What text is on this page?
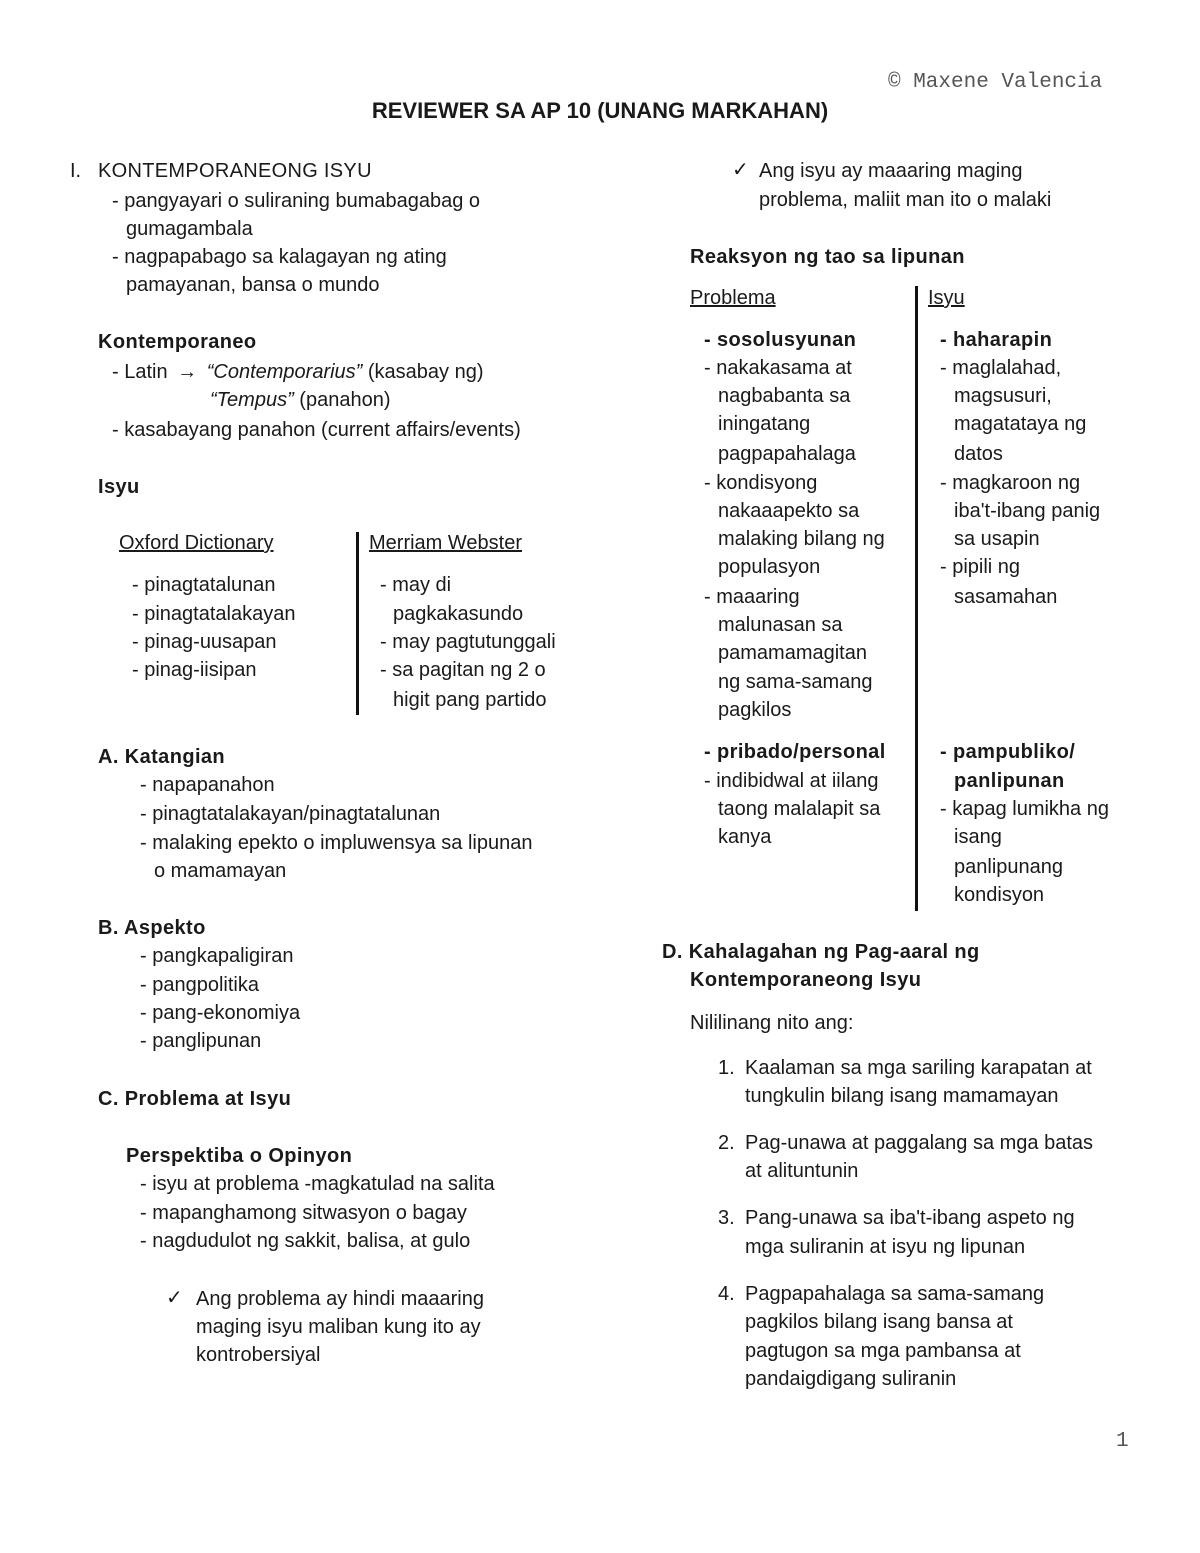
© Maxene Valencia
REVIEWER SA AP 10 (UNANG MARKAHAN)
I. KONTEMPORANEONG ISYU
- pangyayari o suliraning bumabagabag o
gumagambala
- nagpapabago sa kalagayan ng ating
pamayanan, bansa o mundo
Kontemporaneo
- Latin → “Contemporarius” (kasabay ng)
“Tempus” (panahon)
- kasabayang panahon (current affairs/events)
Isyu
Oxford Dictionary
- pinagtatalunan
- pinagtatalakayan
- pinag-uusapan
- pinag-iisipan
Merriam Webster
- may di
pagkakasundo
- may pagtutunggali
- sa pagitan ng 2 o
higit pang partido
A. Katangian
- napapanahon
- pinagtatalakayan/pinagtatalunan
- malaking epekto o impluwensya sa lipunan
o mamamayan
B. Aspekto
- pangkapaligiran
- pangpolitika
- pang-ekonomiya
- panglipunan
C. Problema at Isyu
Perspektiba o Opinyon
- isyu at problema -magkatulad na salita
- mapanghamong sitwasyon o bagay
- nagdudulot ng sakkit, balisa, at gulo
✓ Ang problema ay hindi maaaring
maging isyu maliban kung ito ay
kontrobersiyal
✓ Ang isyu ay maaaring maging
problema, maliit man ito o malaki
Reaksyon ng tao sa lipunan
Problema	Isyu
- sosolusyunan
- nakakasama at
nagbabanta sa
iningatang
pagpapahalaga
- kondisyong
nakaaapekto sa
malaking bilang ng
populasyon
- maaaring
malunasan sa
pamamamagitan
ng sama-samang
pagkilos
- pribado/personal
- indibidwal at iilang
taong malalapit sa
kanya
- haharapin
- maglalahad,
magsusuri,
magatataya ng
datos
- magkaroon ng
iba't-ibang panig
sa usapin
- pipili ng
sasamahan
- pampubliko/
panlipunan
- kapag lumikha ng
isang
panlipunang
kondisyon
D. Kahalagahan ng Pag-aaral ng
Kontemporaneong Isyu
Nililinang nito ang:
1. Kaalaman sa mga sariling karapatan at
tungkulin bilang isang mamamayan
2. Pag-unawa at paggalang sa mga batas
at alituntunin
3. Pang-unawa sa iba't-ibang aspeto ng
mga suliranin at isyu ng lipunan
4. Pagpapahalaga sa sama-samang
pagkilos bilang isang bansa at
pagtugon sa mga pambansa at
pandaigdigang suliranin
1
